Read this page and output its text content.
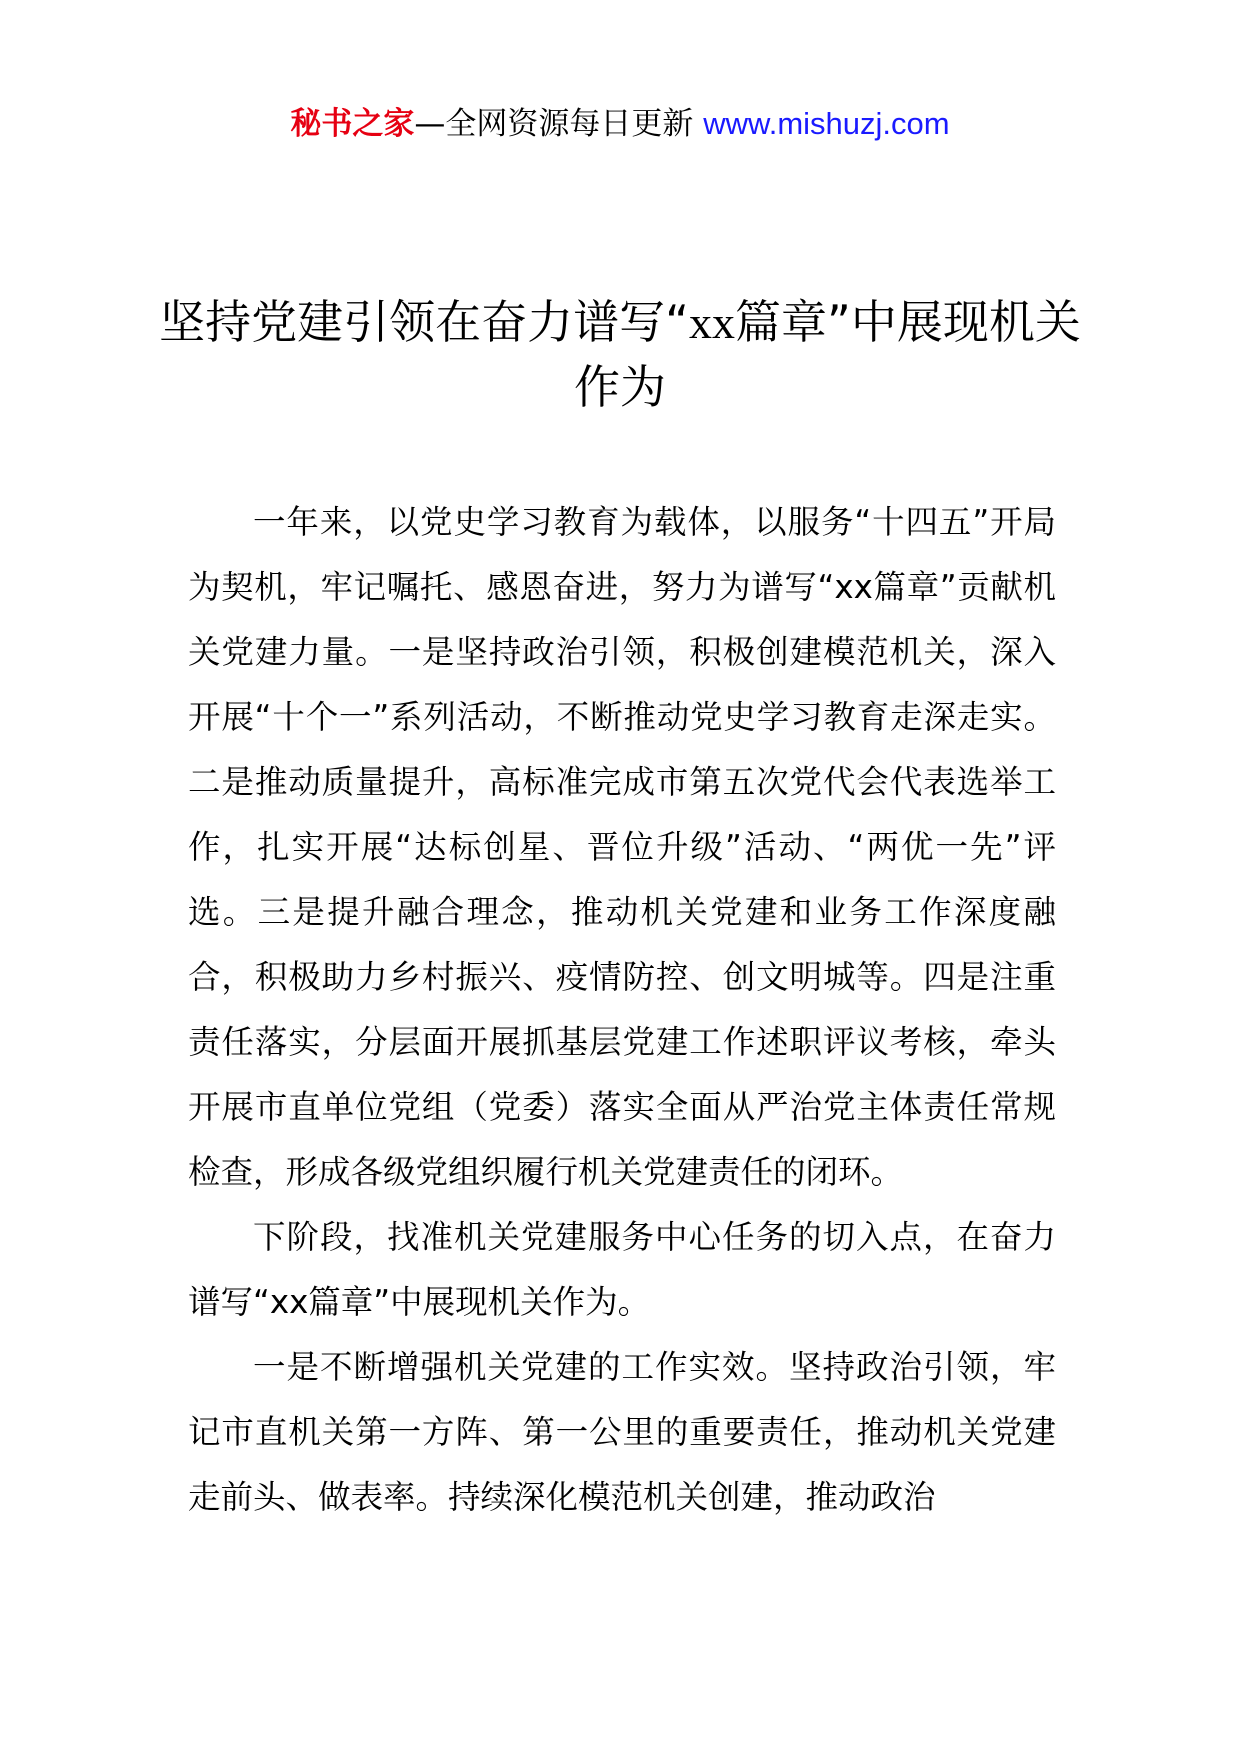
秘书之家—全网资源每日更新 www.mishuzj.com
坚持党建引领在奋力谱写“xx篇章”中展现机关作为

一年来，以党史学习教育为载体，以服务“十四五”开局为契机，牢记嘱托、感恩奋进，努力为谱写“xx篇章”贡献机关党建力量。一是坚持政治引领，积极创建模范机关，深入开展“十个一”系列活动，不断推动党史学习教育走深走实。二是推动质量提升，高标准完成市第五次党代会代表选举工作，扎实开展“达标创星、晋位升级”活动、“两优一先”评选。三是提升融合理念，推动机关党建和业务工作深度融合，积极助力乡村振兴、疫情防控、创文明城等。四是注重责任落实，分层面开展抓基层党建工作述职评议考核，牵头开展市直单位党组（党委）落实全面从严治党主体责任常规检查，形成各级党组织履行机关党建责任的闭环。

下阶段，找准机关党建服务中心任务的切入点，在奋力谱写“xx篇章”中展现机关作为。

一是不断增强机关党建的工作实效。坚持政治引领，牢记市直机关第一方阵、第一公里的重要责任，推动机关党建走前头、做表率。持续深化模范机关创建，推动政治
